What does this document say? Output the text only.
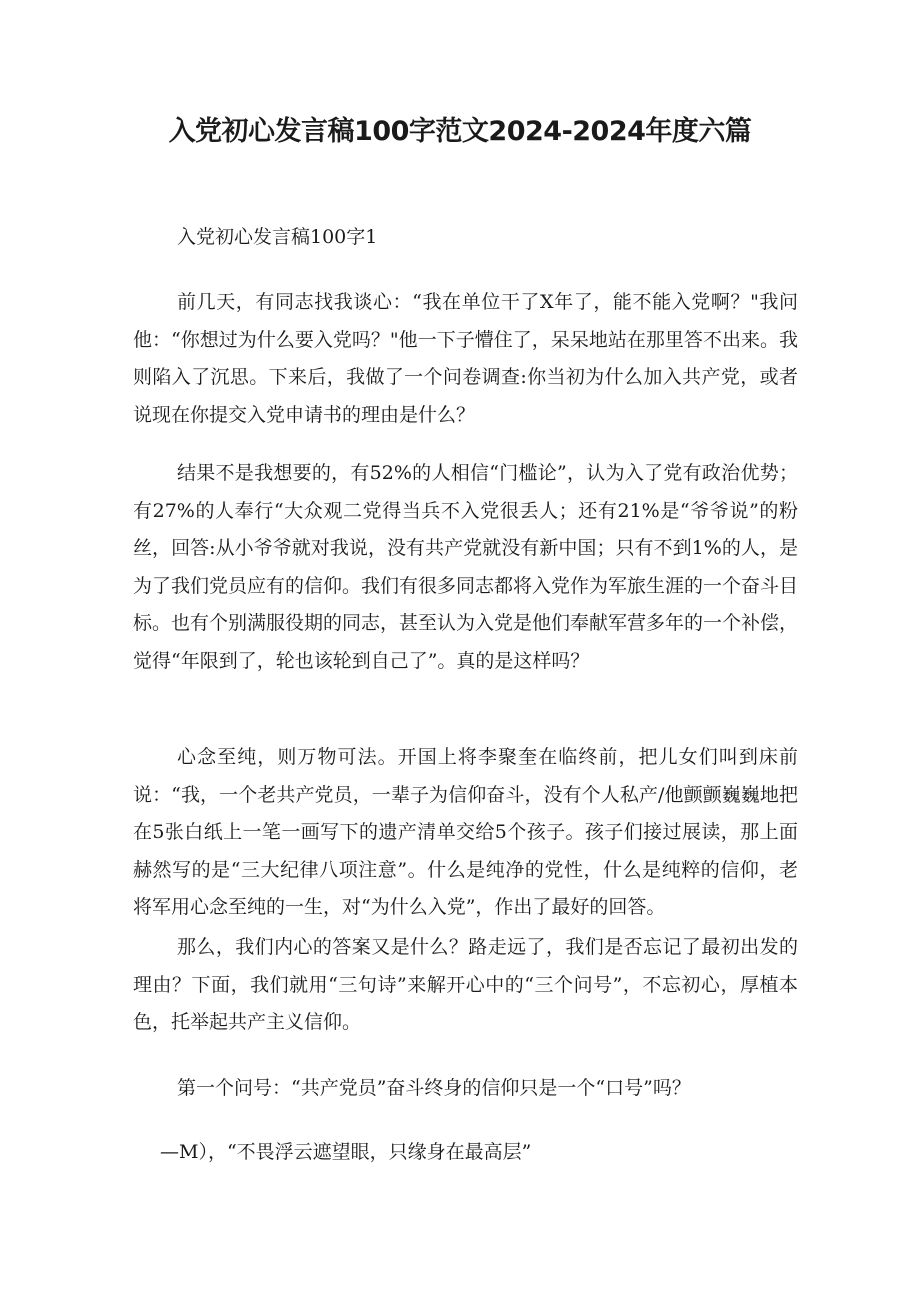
入党初心发言稿100字范文2024-2024年度六篇

入党初心发言稿100字1

前几天，有同志找我谈心：“我在单位干了X年了，能不能入党啊？"我问他：“你想过为什么要入党吗？"他一下子懵住了，呆呆地站在那里答不出来。我则陷入了沉思。下来后，我做了一个问卷调查:你当初为什么加入共产党，或者说现在你提交入党申请书的理由是什么？

结果不是我想要的，有52%的人相信“门槛论”，认为入了党有政治优势；有27%的人奉行“大众观二党得当兵不入党很丢人；还有21%是“爷爷说”的粉丝，回答:从小爷爷就对我说，没有共产党就没有新中国；只有不到1%的人，是为了我们党员应有的信仰。我们有很多同志都将入党作为军旅生涯的一个奋斗目标。也有个别满服役期的同志，甚至认为入党是他们奉献军营多年的一个补偿，觉得“年限到了，轮也该轮到自己了”。真的是这样吗？

心念至纯，则万物可法。开国上将李聚奎在临终前，把儿女们叫到床前说：“我，一个老共产党员，一辈子为信仰奋斗，没有个人私产/他颤颤巍巍地把在5张白纸上一笔一画写下的遗产清单交给5个孩子。孩子们接过展读，那上面赫然写的是“三大纪律八项注意”。什么是纯净的党性，什么是纯粹的信仰，老将军用心念至纯的一生，对“为什么入党”，作出了最好的回答。

那么，我们内心的答案又是什么？路走远了，我们是否忘记了最初出发的理由？下面，我们就用“三句诗”来解开心中的“三个问号”，不忘初心，厚植本色，托举起共产主义信仰。

第一个问号：“共产党员”奋斗终身的信仰只是一个“口号”吗？

—M），“不畏浮云遮望眼，只缘身在最高层”
